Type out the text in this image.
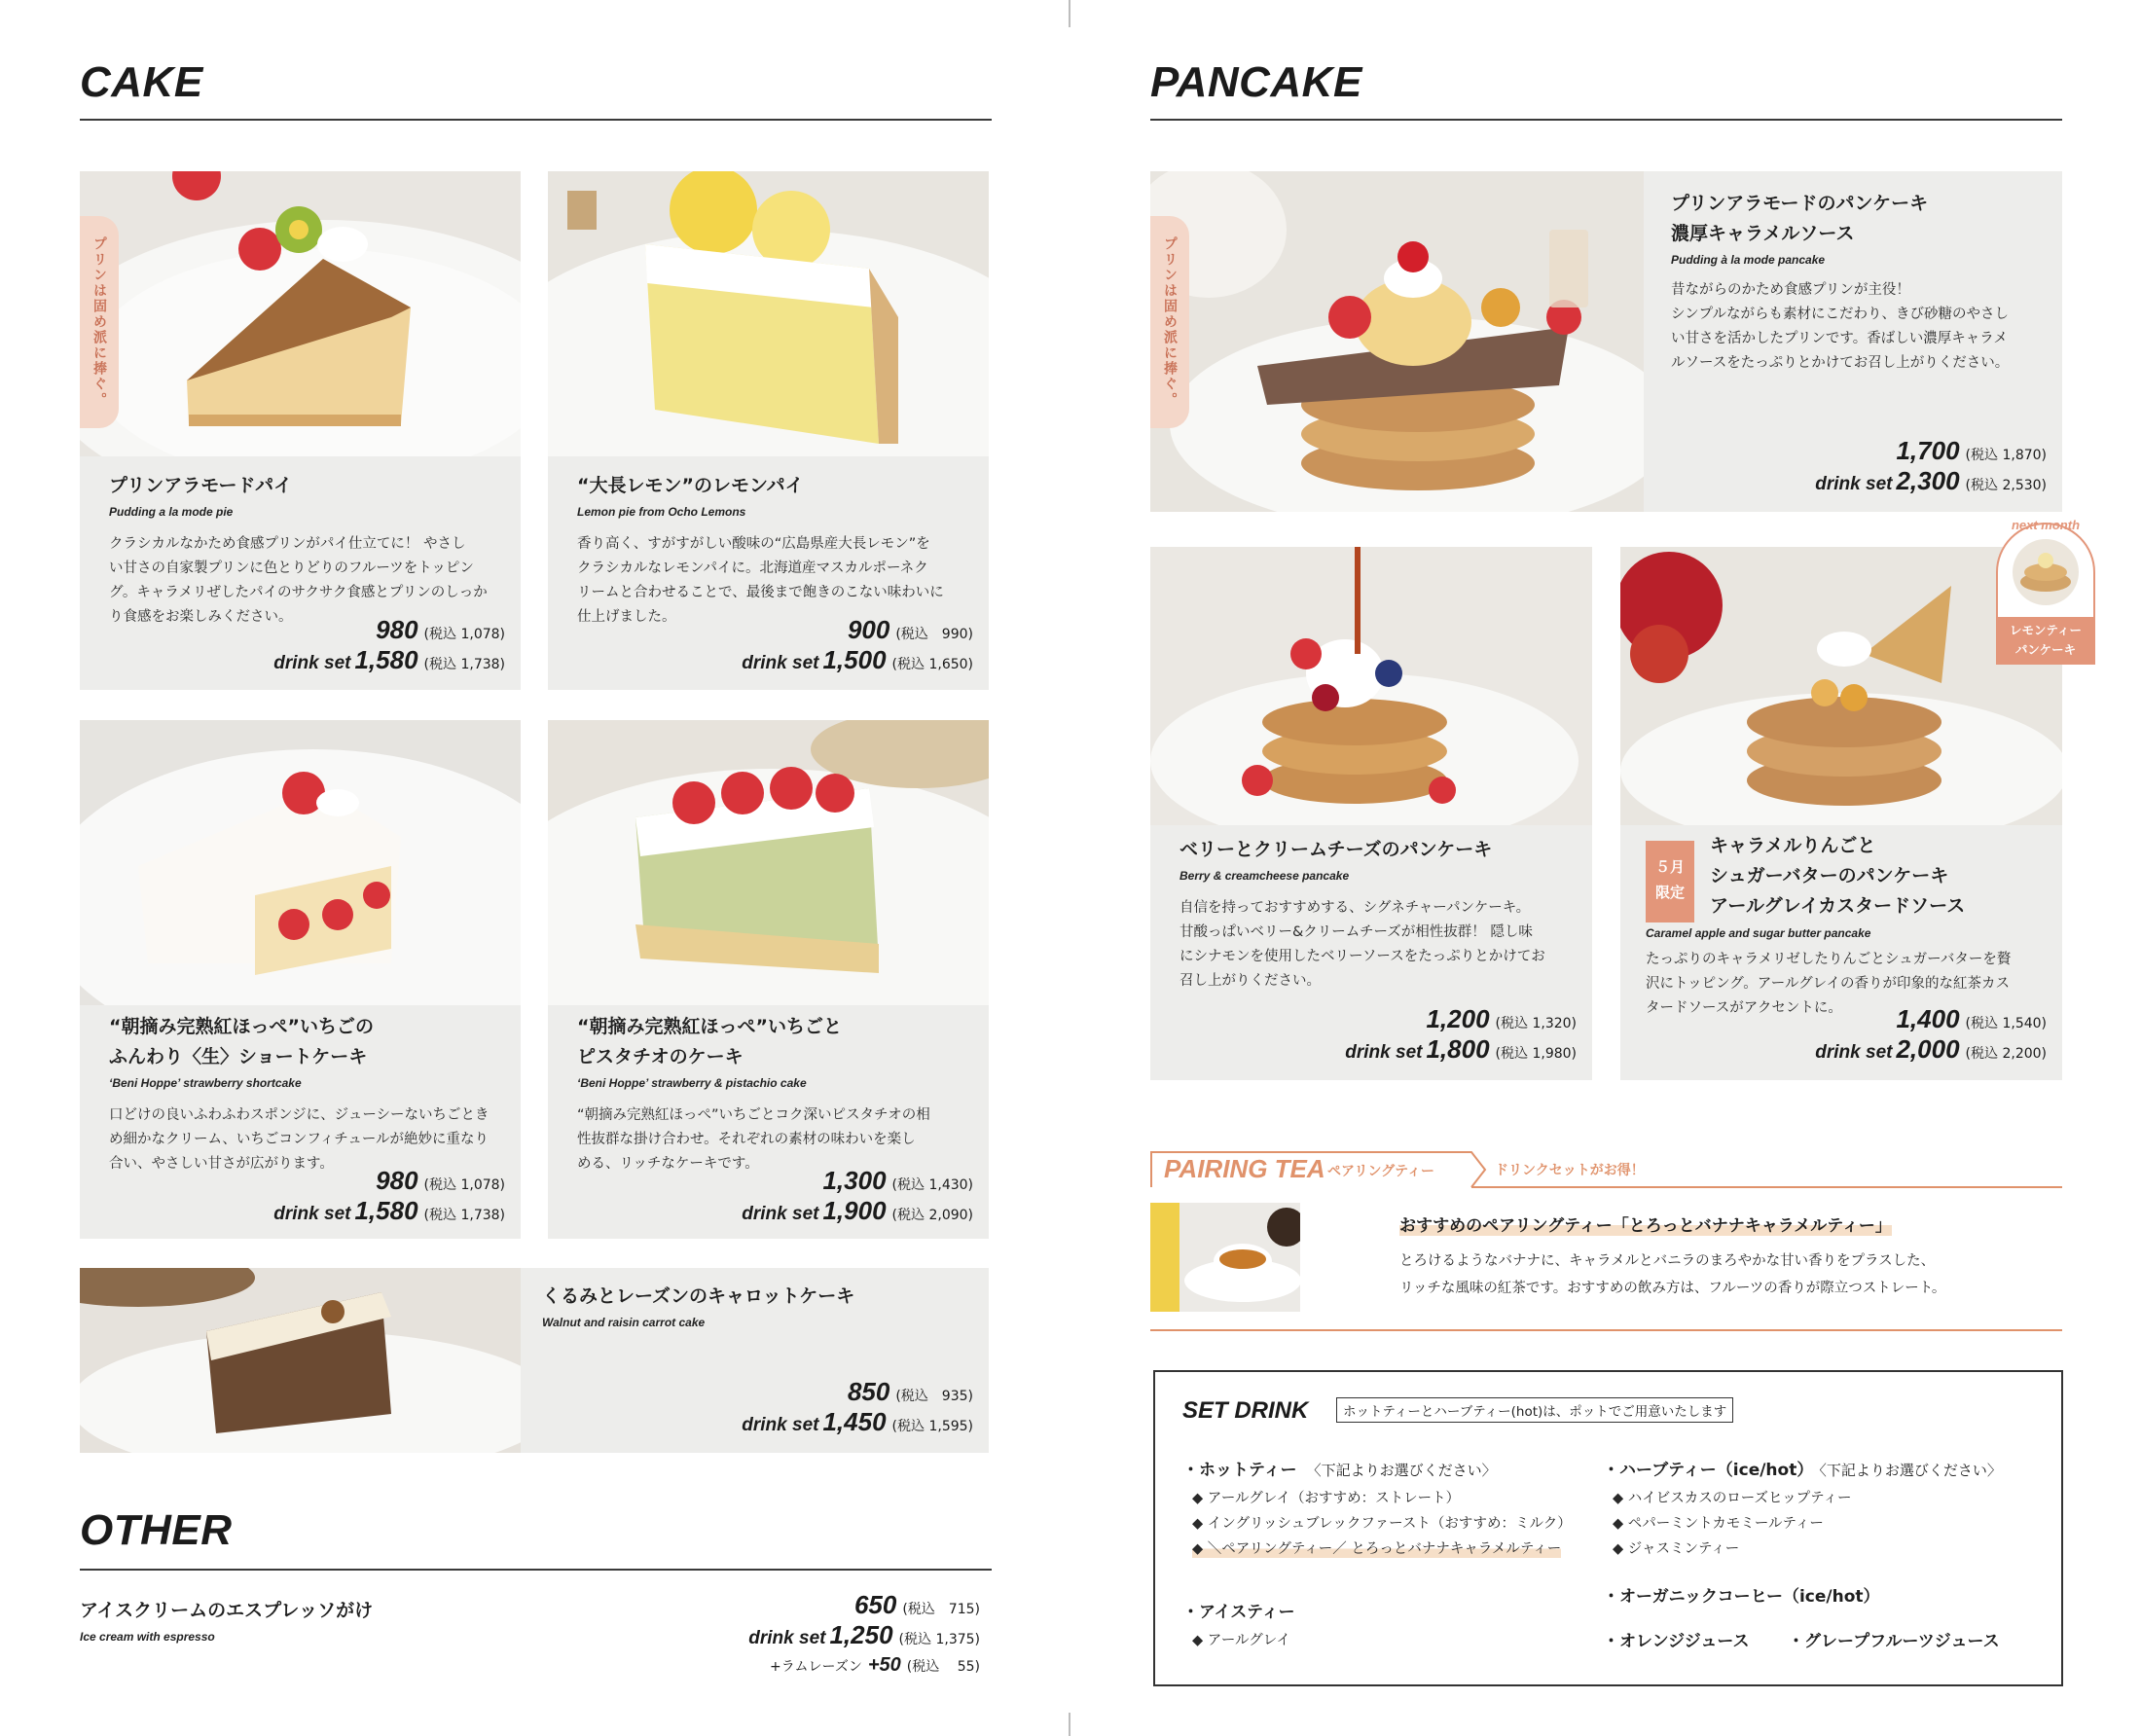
CAKE
プリンは固め派に捧ぐ。
プリンアラモードパイ
Pudding a la mode pie
クラシカルなかため食感プリンがパイ仕立てに！ やさし
い甘さの自家製プリンに色とりどりのフルーツをトッピン
グ。キャラメリぜしたパイのサクサク食感とプリンのしっか
り食感をお楽しみください。	980 (税込 1,078)
drink set 1,580 (税込 1,738)
“大長レモン”のレモンパイ
Lemon pie from Ocho Lemons
香り高く、すがすがしい酸味の“広島県産大長レモン”を
クラシカルなレモンパイに。北海道産マスカルポーネク
リームと合わせることで、最後まで飽きのこない味わいに
仕上げました。	900 (税込　990)
drink set 1,500 (税込 1,650)
“朝摘み完熟紅ほっぺ”いちごの
ふんわり〈生〉ショートケーキ
‘Beni Hoppe’ strawberry shortcake
口どけの良いふわふわスポンジに、ジューシーないちごとき
め細かなクリーム、いちごコンフィチュールが絶妙に重なり
合い、やさしい甘さが広がります。
980 (税込 1,078)
drink set 1,580 (税込 1,738)
“朝摘み完熟紅ほっぺ”いちごと
ピスタチオのケーキ
‘Beni Hoppe’ strawberry & pistachio cake
“朝摘み完熟紅ほっぺ”いちごとコク深いピスタチオの相
性抜群な掛け合わせ。それぞれの素材の味わいを楽し
める、リッチなケーキです。
1,300 (税込 1,430)
drink set 1,900 (税込 2,090)
くるみとレーズンのキャロットケーキ
Walnut and raisin carrot cake
850 (税込　935)
drink set 1,450 (税込 1,595)
OTHER
アイスクリームのエスプレッソがけ
Ice cream with espresso
650 (税込　715)
drink set 1,250 (税込 1,375)
+ラムレーズン +50 (税込　 55)
PANCAKE
プリンは固め派に捧ぐ。
プリンアラモードのパンケーキ
濃厚キャラメルソース
Pudding à la mode pancake
昔ながらのかため食感プリンが主役！
シンプルながらも素材にこだわり、きび砂糖のやさし
い甘さを活かしたプリンです。香ばしい濃厚キャラメ
ルソースをたっぷりとかけてお召し上がりください。
1,700 (税込 1,870)
drink set 2,300 (税込 2,530)
ベリーとクリームチーズのパンケーキ
Berry & creamcheese pancake
自信を持っておすすめする、シグネチャーパンケーキ。
甘酸っぱいベリー&クリームチーズが相性抜群！ 隠し味
にシナモンを使用したベリーソースをたっぷりとかけてお
召し上がりください。
1,200 (税込 1,320)
drink set 1,800 (税込 1,980)
５月
限定
キャラメルりんごと
シュガーバターのパンケーキ
アールグレイカスタードソース
Caramel apple and sugar butter pancake
たっぷりのキャラメリゼしたりんごとシュガーバターを贅
沢にトッピング。アールグレイの香りが印象的な紅茶カス
タードソースがアクセントに。	1,400 (税込 1,540)
drink set 2,000 (税込 2,200)
next month
レモンティー
パンケーキ
PAIRING TEA ペアリングティー	ドリンクセットがお得！
おすすめのペアリングティー「とろっとバナナキャラメルティー」
とろけるようなバナナに、キャラメルとバニラのまろやかな甘い香りをプラスした、
リッチな風味の紅茶です。おすすめの飲み方は、フルーツの香りが際立つストレート。
SET DRINK	ホットティーとハーブティー(hot)は、ポットでご用意いたします
・ホットティー 〈下記よりお選びください〉
◆ アールグレイ（おすすめ：ストレート）
◆ イングリッシュブレックファースト（おすすめ：ミルク）
◆ ＼ペアリングティー／ とろっとバナナキャラメルティー
・アイスティー
◆ アールグレイ
・ハーブティー（ice/hot） 〈下記よりお選びください〉
◆ ハイビスカスのローズヒップティー
◆ ペパーミントカモミールティー
◆ ジャスミンティー
・オーガニックコーヒー（ice/hot）
・オレンジジュース ・グレープフルーツジュース
